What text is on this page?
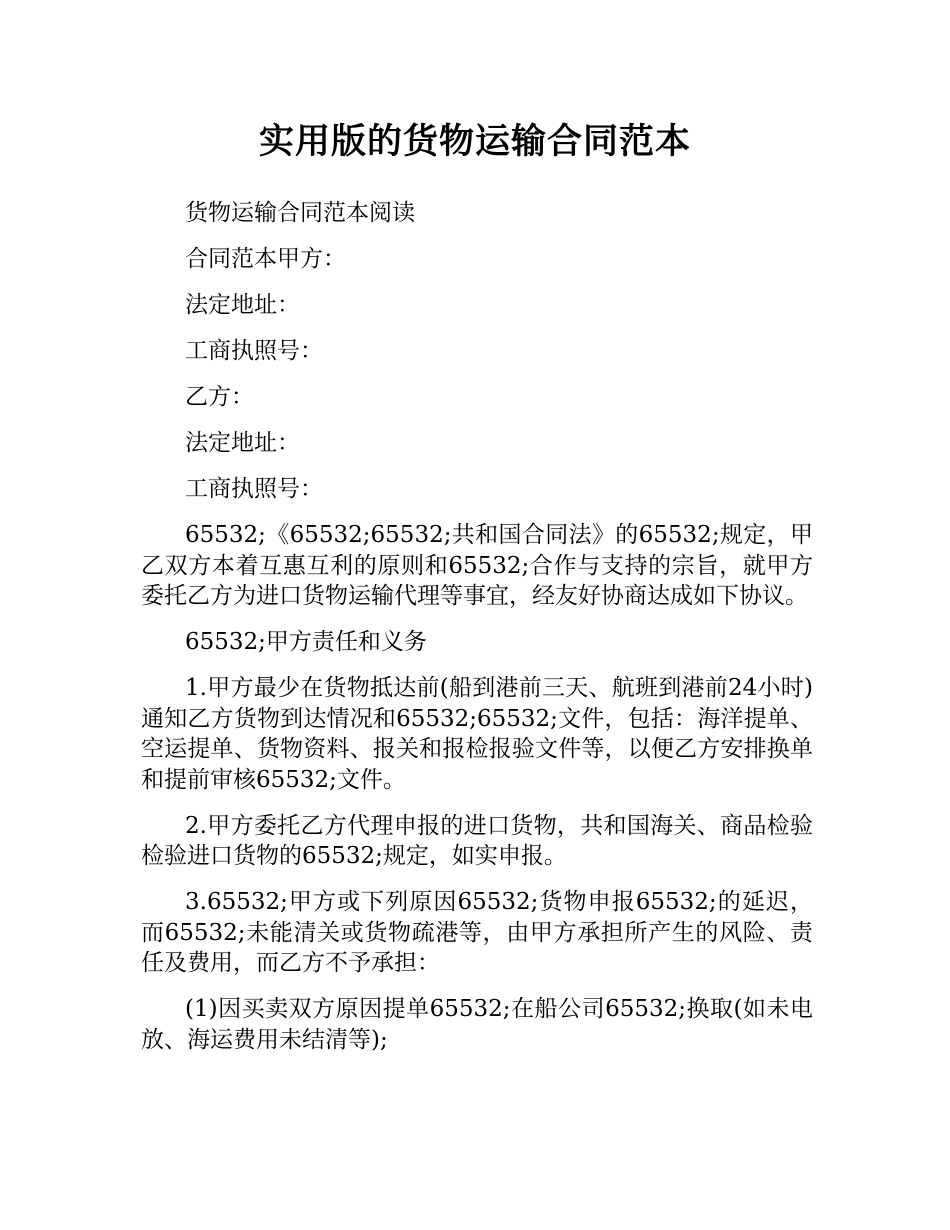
实用版的货物运输合同范本

货物运输合同范本阅读

合同范本甲方：

法定地址：

工商执照号：

乙方：

法定地址：

工商执照号：

65532;《65532;65532;共和国合同法》的65532;规定，甲乙双方本着互惠互利的原则和65532;合作与支持的宗旨，就甲方委托乙方为进口货物运输代理等事宜，经友好协商达成如下协议。

65532;甲方责任和义务

1.甲方最少在货物抵达前(船到港前三天、航班到港前24小时)通知乙方货物到达情况和65532;65532;文件，包括：海洋提单、空运提单、货物资料、报关和报检报验文件等，以便乙方安排换单和提前审核65532;文件。

2.甲方委托乙方代理申报的进口货物，共和国海关、商品检验检验进口货物的65532;规定，如实申报。

3.65532;甲方或下列原因65532;货物申报65532;的延迟，而65532;未能清关或货物疏港等，由甲方承担所产生的风险、责任及费用，而乙方不予承担：

(1)因买卖双方原因提单65532;在船公司65532;换取(如未电放、海运费用未结清等);
